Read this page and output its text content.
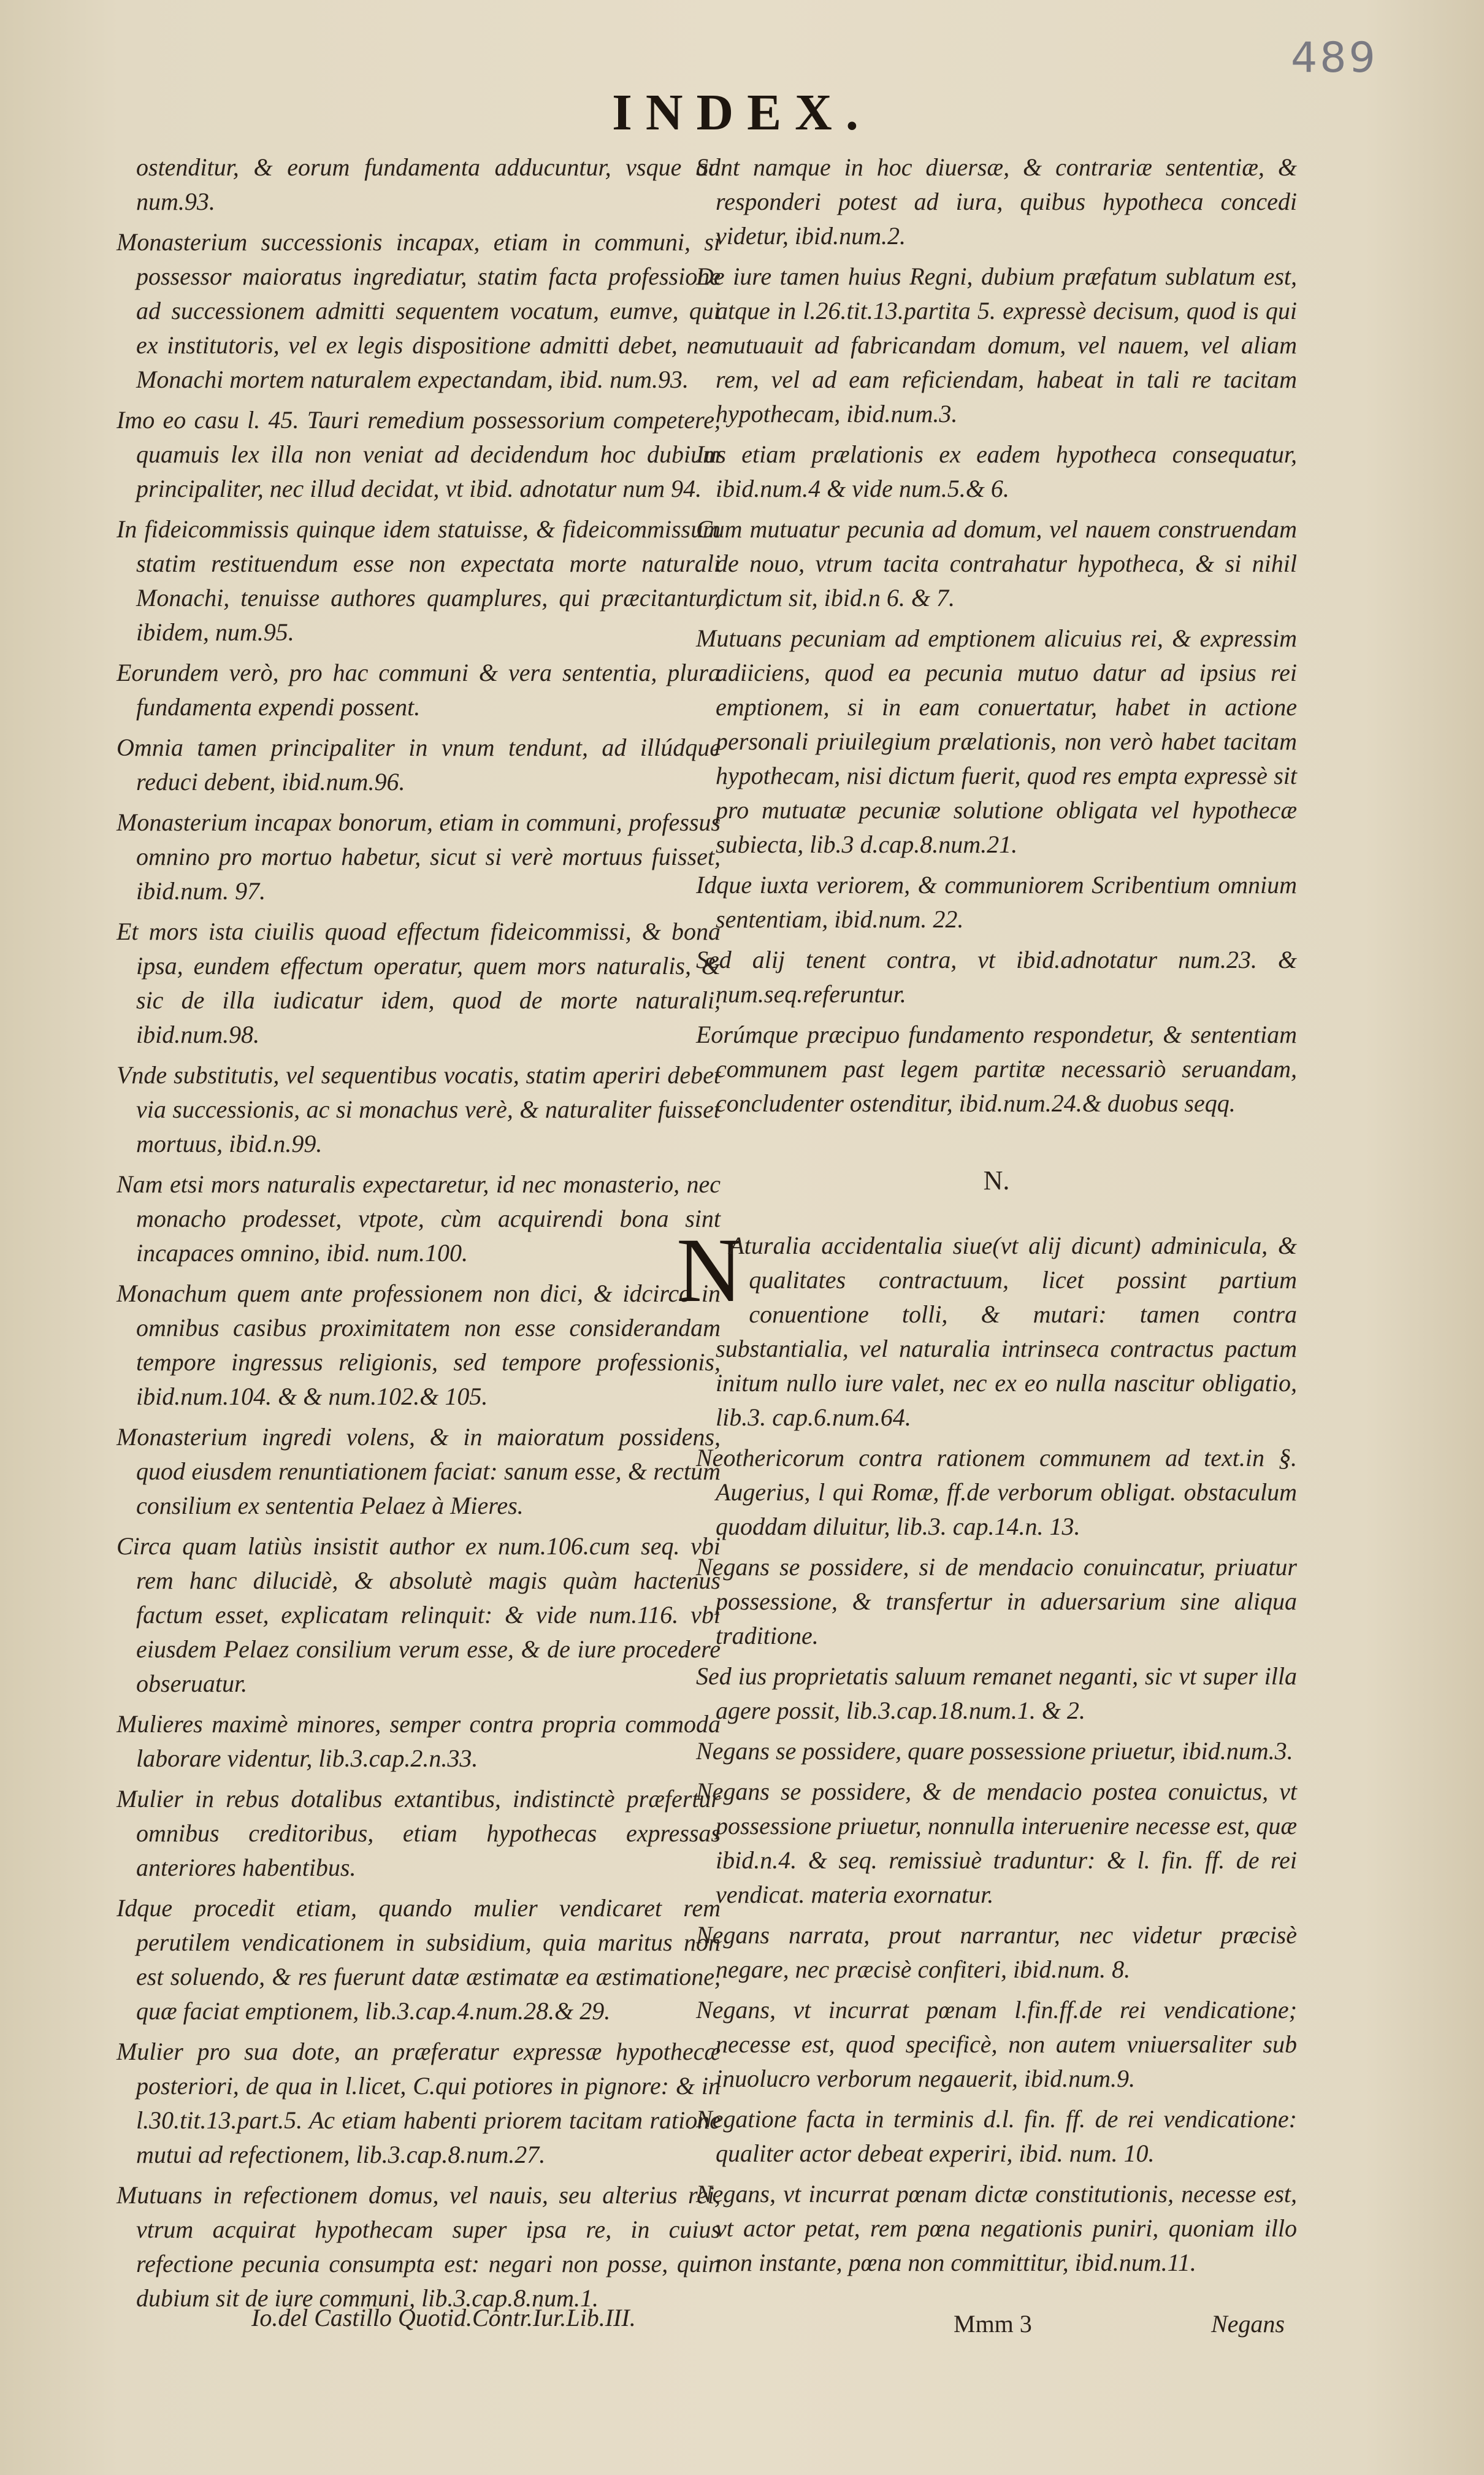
489
INDEX.

ostenditur, & eorum fundamenta adducuntur, vsque ad num.93.

Monasterium successionis incapax, etiam in communi, si possessor maioratus ingrediatur, statim facta professione ad successionem admitti sequentem vocatum, eumve, qui ex institutoris, vel ex legis dispositione admitti debet, nec Monachi mortem naturalem expectandam, ibid. num.93.

Imo eo casu l. 45. Tauri remedium possessorium competere, quamuis lex illa non veniat ad decidendum hoc dubium principaliter, nec illud decidat, vt ibid. adnotatur num 94.

In fideicommissis quinque idem statuisse, & fideicommissum statim restituendum esse non expectata morte naturali Monachi, tenuisse authores quamplures, qui præcitantur, ibidem, num.95.

Eorundem verò, pro hac communi & vera sententia, plura fundamenta expendi possent.

Omnia tamen principaliter in vnum tendunt, ad illúdque reduci debent, ibid.num.96.

Monasterium incapax bonorum, etiam in communi, professus omnino pro mortuo habetur, sicut si verè mortuus fuisset, ibid.num. 97.

Et mors ista ciuilis quoad effectum fideicommissi, & bona ipsa, eundem effectum operatur, quem mors naturalis, & sic de illa iudicatur idem, quod de morte naturali, ibid.num.98.

Vnde substitutis, vel sequentibus vocatis, statim aperiri debet via successionis, ac si monachus verè, & naturaliter fuisset mortuus, ibid.n.99.

Nam etsi mors naturalis expectaretur, id nec monasterio, nec monacho prodesset, vtpote, cùm acquirendi bona sint incapaces omnino, ibid. num.100.

Monachum quem ante professionem non dici, & idcirco in omnibus casibus proximitatem non esse considerandam tempore ingressus religionis, sed tempore professionis, ibid.num.104. & & num.102.& 105.

Monasterium ingredi volens, & in maioratum possidens, quod eiusdem renuntiationem faciat: sanum esse, & rectum consilium ex sententia Pelaez à Mieres.

Circa quam latiùs insistit author ex num.106.cum seq. vbi rem hanc dilucidè, & absolutè magis quàm hactenus factum esset, explicatam relinquit: & vide num.116. vbi eiusdem Pelaez consilium verum esse, & de iure procedere obseruatur.

Mulieres maximè minores, semper contra propria commoda laborare videntur, lib.3.cap.2.n.33.

Mulier in rebus dotalibus extantibus, indistinctè præfertur omnibus creditoribus, etiam hypothecas expressas anteriores habentibus.

Idque procedit etiam, quando mulier vendicaret rem perutilem vendicationem in subsidium, quia maritus non est soluendo, & res fuerunt datæ æstimatæ ea æstimatione, quæ faciat emptionem, lib.3.cap.4.num.28.& 29.

Mulier pro sua dote, an præferatur expressæ hypothecæ posteriori, de qua in l.licet, C.qui potiores in pignore: & in l.30.tit.13.part.5. Ac etiam habenti priorem tacitam ratione mutui ad refectionem, lib.3.cap.8.num.27.

Mutuans in refectionem domus, vel nauis, seu alterius rei, vtrum acquirat hypothecam super ipsa re, in cuius refectione pecunia consumpta est: negari non posse, quin dubium sit de iure communi, lib.3.cap.8.num.1.

Sunt namque in hoc diuersæ, & contrariæ sententiæ, & responderi potest ad iura, quibus hypotheca concedi videtur, ibid.num.2.

De iure tamen huius Regni, dubium præfatum sublatum est, atque in l.26.tit.13.partita 5. expressè decisum, quod is qui mutuauit ad fabricandam domum, vel nauem, vel aliam rem, vel ad eam reficiendam, habeat in tali re tacitam hypothecam, ibid.num.3.

Ius etiam prælationis ex eadem hypotheca consequatur, ibid.num.4 & vide num.5.& 6.

Cum mutuatur pecunia ad domum, vel nauem construendam de nouo, vtrum tacita contrahatur hypotheca, & si nihil dictum sit, ibid.n 6. & 7.

Mutuans pecuniam ad emptionem alicuius rei, & expressim adiiciens, quod ea pecunia mutuo datur ad ipsius rei emptionem, si in eam conuertatur, habet in actione personali priuilegium prælationis, non verò habet tacitam hypothecam, nisi dictum fuerit, quod res empta expressè sit pro mutuatæ pecuniæ solutione obligata vel hypothecæ subiecta, lib.3 d.cap.8.num.21.

Idque iuxta veriorem, & communiorem Scribentium omnium sententiam, ibid.num. 22.

Sed alij tenent contra, vt ibid.adnotatur num.23. & num.seq.referuntur.

Eorúmque præcipuo fundamento respondetur, & sententiam communem past legem partitæ necessariò seruandam, concludenter ostenditur, ibid.num.24.& duobus seqq.

N.

N
Aturalia accidentalia siue(vt alij dicunt) adminicula, & qualitates contractuum, licet possint partium conuentione tolli, & mutari: tamen contra substantialia, vel naturalia intrinseca contractus pactum initum nullo iure valet, nec ex eo nulla nascitur obligatio, lib.3. cap.6.num.64.

Neothericorum contra rationem communem ad text.in §. Augerius, l qui Romæ, ff.de verborum obligat. obstaculum quoddam diluitur, lib.3. cap.14.n. 13.

Negans se possidere, si de mendacio conuincatur, priuatur possessione, & transfertur in aduersarium sine aliqua traditione.

Sed ius proprietatis saluum remanet neganti, sic vt super illa agere possit, lib.3.cap.18.num.1. & 2.

Negans se possidere, quare possessione priuetur, ibid.num.3.

Negans se possidere, & de mendacio postea conuictus, vt possessione priuetur, nonnulla interuenire necesse est, quæ ibid.n.4. & seq. remissiuè traduntur: & l. fin. ff. de rei vendicat. materia exornatur.

Negans narrata, prout narrantur, nec videtur præcisè negare, nec præcisè confiteri, ibid.num. 8.

Negans, vt incurrat pœnam l.fin.ff.de rei vendicatione; necesse est, quod specificè, non autem vniuersaliter sub inuolucro verborum negauerit, ibid.num.9.

Negatione facta in terminis d.l. fin. ff. de rei vendicatione: qualiter actor debeat experiri, ibid. num. 10.

Negans, vt incurrat pœnam dictæ constitutionis, necesse est, vt actor petat, rem pœna negationis puniri, quoniam illo non instante, pœna non committitur, ibid.num.11.

Io.del Castillo Quotid.Contr.Iur.Lib.III.	Mmm 3	Negans
